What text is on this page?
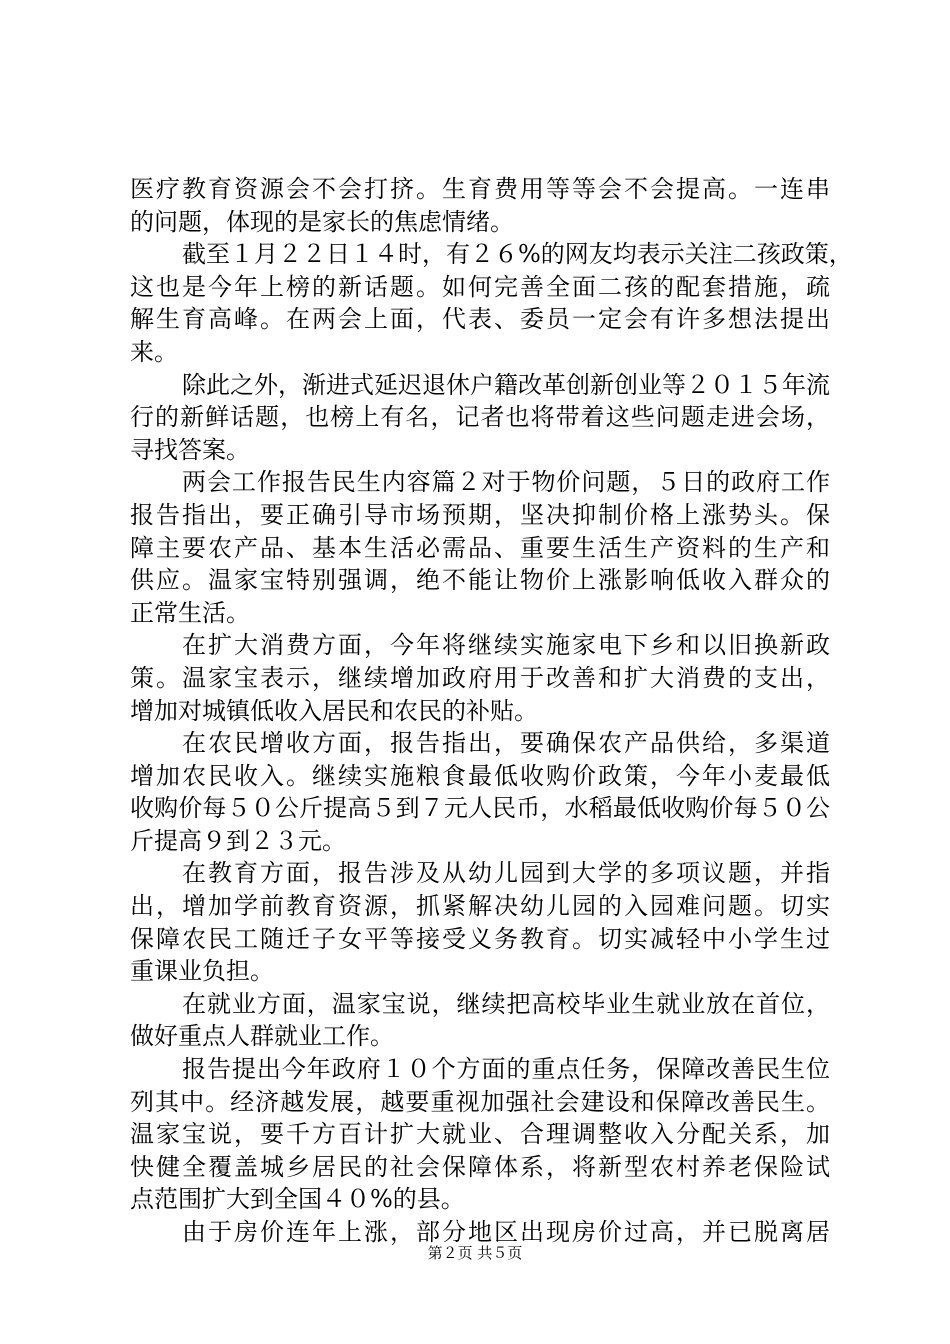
医疗教育资源会不会打挤。生育费用等等会不会提高。一连串
的问题，体现的是家长的焦虑情绪。
截至１月２２日１４时，有２６%的网友均表示关注二孩政策，
这也是今年上榜的新话题。如何完善全面二孩的配套措施，疏
解生育高峰。在两会上面，代表、委员一定会有许多想法提出
来。
除此之外，渐进式延迟退休户籍改革创新创业等２０１５年流
行的新鲜话题，也榜上有名，记者也将带着这些问题走进会场，
寻找答案。
两会工作报告民生内容篇２对于物价问题，５日的政府工作
报告指出，要正确引导市场预期，坚决抑制价格上涨势头。保
障主要农产品、基本生活必需品、重要生活生产资料的生产和
供应。温家宝特别强调，绝不能让物价上涨影响低收入群众的
正常生活。
在扩大消费方面，今年将继续实施家电下乡和以旧换新政
策。温家宝表示，继续增加政府用于改善和扩大消费的支出，
增加对城镇低收入居民和农民的补贴。
在农民增收方面，报告指出，要确保农产品供给，多渠道
增加农民收入。继续实施粮食最低收购价政策，今年小麦最低
收购价每５０公斤提高５到７元人民币，水稻最低收购价每５０公
斤提高９到２３元。
在教育方面，报告涉及从幼儿园到大学的多项议题，并指
出，增加学前教育资源，抓紧解决幼儿园的入园难问题。切实
保障农民工随迁子女平等接受义务教育。切实减轻中小学生过
重课业负担。
在就业方面，温家宝说，继续把高校毕业生就业放在首位，
做好重点人群就业工作。
报告提出今年政府１０个方面的重点任务，保障改善民生位
列其中。经济越发展，越要重视加强社会建设和保障改善民生。
温家宝说，要千方百计扩大就业、合理调整收入分配关系，加
快健全覆盖城乡居民的社会保障体系，将新型农村养老保险试
点范围扩大到全国４０%的县。
由于房价连年上涨，部分地区出现房价过高，并已脱离居
第２页 共５页
